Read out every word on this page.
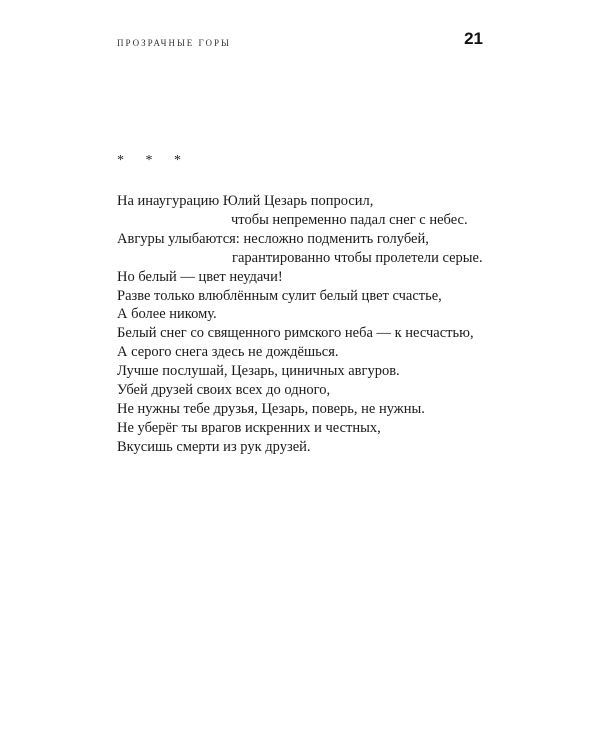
ПРОЗРАЧНЫЕ ГОРЫ	21
* * *
На инаугурацию Юлий Цезарь попросил,
чтобы непременно падал снег с небес.
Авгуры улыбаются: несложно подменить голубей,
гарантированно чтобы пролетели серые.
Но белый — цвет неудачи!
Разве только влюблённым сулит белый цвет счастье,
А более никому.
Белый снег со священного римского неба — к несчастью,
А серого снега здесь не дождёшься.
Лучше послушай, Цезарь, циничных авгуров.
Убей друзей своих всех до одного,
Не нужны тебе друзья, Цезарь, поверь, не нужны.
Не уберёг ты врагов искренних и честных,
Вкусишь смерти из рук друзей.
